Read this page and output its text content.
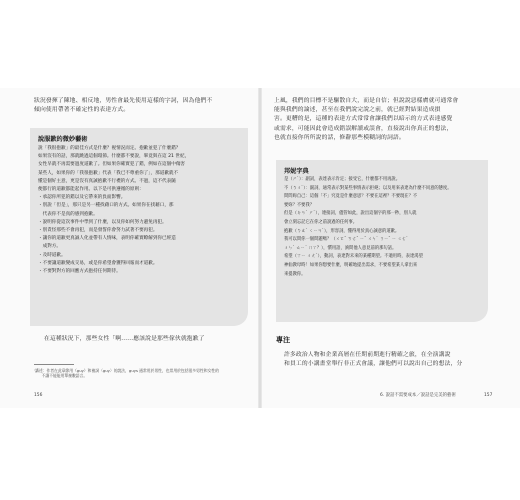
狀況發揮了陳地、相反地，男性會最先使用這樣的字詞，因為他們不
傾向使用帶著不確定性的表達方式。

說服歉的微妙藝術

說「我很抱歉」的最佳方式是什麼？視情況而定。抱歉並犯了什麼錯？
如果沒有的話，那就跳過這個環節。什麼都不要說，畢竟與在這 21 世紀，
女性早就不再需要過度道歉了。但如果你確實犯了錯，例如在這個中傷害
某些人，如果你的「我很抱歉」代表「我已不尊重你了」，那道歉就不
懂是個好主意，更是沒有真誠抱歉不行禮的方式。不過，這不代表隨
便都行的道歉都能起作用。以下是可供遵循的原則：
・承認你所犯的錯以及它帶來的負面影響。
・別說「但是」，那只是另一種找藉口的方式。如果你在找藉口，那
　代表你不是真的感到抱歉。
・說明你從這次事件中學到了什麼，以及你如何努力避免再犯。
・別責怪那些不會再犯，而是發誓你會努力試著不要再犯。
・讓你的道歉更真誠人化並帶有人情味，表明你確實瞭解到你已經造
　成對方。
・及時道歉。
・不要讓道歉變成交易，或是你希望會獲得回報而才道歉。
・不要對對方的回應方式抱持任何期待。

在這種狀況下，那些女性「啊......應該說是那些傢伙就抱歉了

ˈ講述：作者在此章節用（guy）和複詞〈guy〉的說法，guys 通常用於男性，也常用於包括很多男性和女性的
　　不讓不能能用單複數語言。

156

上風，我們的目標不是驅散自大，而是自信；但說說惡樣膚就可通常會
能與我們的論述，甚至在我們說完說之前，就已經對結果造成損
害。更糟的是，這種的表達方式常常會讓我們以暗示的方式表達感覺
或需求，可能因此會造成錯誤解讀或誤會，直接說出你真正的想法，
也就直接你所所說的話，修辭那些模糊詞的詞語。

邦妮字典

是（ㄕˋ）：副詞，表達表示肯定；接受它，什麼都不用再說。
不（ㄅㄨˋ）：副詞，通常表示對某些事情表示拒絕；以及用來表達為什麼不同意的態度。
問問妳自己：這個「不」究竟是什麼意思？不要在這裡？不要現在？不
要妳？不要我？
但是（ㄉㄢˋ ㄕˋ），連接詞，儘管如此，說出這個字的那一秒，別人就
會立刻忘記它在你之前說過的任何事。
抱歉（ㄅㄠˋ ㄑㄧㄢˋ），形容詞，懂得用於真心誠意的道歉。
我可以問你一個問題嗎？（ㄨㄛˇ ㄎㄜˇ ㄧˇ ㄨㄣˋ ㄋㄧˇ ㄧ ㄍㄜˋ
ㄨㄣˋ ㄊㄧˊ ㄇㄚ？），慣用語，詢問他人意見前的那句話。
希望（ㄒㄧ ㄨㄤˋ），動詞，表達對未來的某種期望。不適用時，表達渴望
神仙教母時！如果你想要什麼，明確地提出需求，不要希望某人拿出來
來提教你。

專注

許多政治人物和企業高層在任期前期進行精確之旅，在全演講說
和員工的小講畫堂舉行非正式會議，讓他們可以說出自己的想法，分

6. 說話不需要成本／說話是完美的藝術	157
